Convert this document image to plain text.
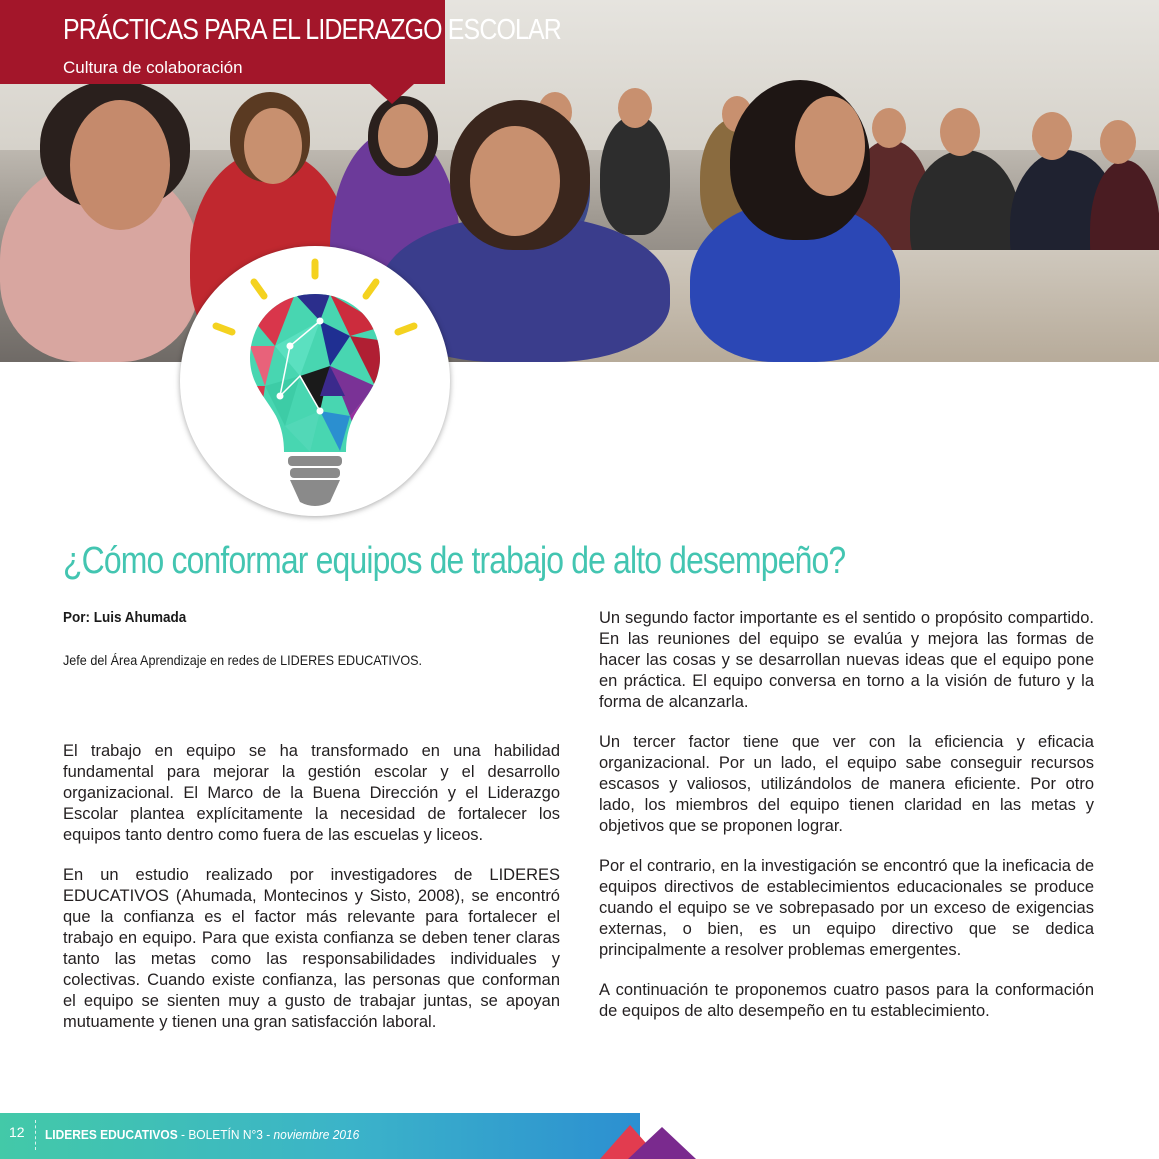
PRÁCTICAS PARA EL LIDERAZGO ESCOLAR
Cultura de colaboración
¿Cómo conformar equipos de trabajo de alto desempeño?
Por: Luis Ahumada
Jefe del Área Aprendizaje en redes de LIDERES EDUCATIVOS.

El trabajo en equipo se ha transformado en una habilidad fundamental para mejorar la gestión escolar y el desarrollo organizacional. El Marco de la Buena Dirección y el Liderazgo Escolar plantea explícitamente la necesidad de fortalecer los equipos tanto dentro como fuera de las escuelas y liceos.

En un estudio realizado por investigadores de LIDERES EDUCATIVOS (Ahumada, Montecinos y Sisto, 2008), se encontró que la confianza es el factor más relevante para fortalecer el trabajo en equipo. Para que exista confianza se deben tener claras tanto las metas como las responsabilidades individuales y colectivas. Cuando existe confianza, las personas que conforman el equipo se sienten muy a gusto de trabajar juntas, se apoyan mutuamente y tienen una gran satisfacción laboral.

Un segundo factor importante es el sentido o propósito compartido. En las reuniones del equipo se evalúa y mejora las formas de hacer las cosas y se desarrollan nuevas ideas que el equipo pone en práctica. El equipo conversa en torno a la visión de futuro y la forma de alcanzarla.

Un tercer factor tiene que ver con la eficiencia y eficacia organizacional. Por un lado, el equipo sabe conseguir recursos escasos y valiosos, utilizándolos de manera eficiente. Por otro lado, los miembros del equipo tienen claridad en las metas y objetivos que se proponen lograr.

Por el contrario, en la investigación se encontró que la ineficacia de equipos directivos de establecimientos educacionales se produce cuando el equipo se ve sobrepasado por un exceso de exigencias externas, o bien, es un equipo directivo que se dedica principalmente a resolver problemas emergentes.

A continuación te proponemos cuatro pasos para la conformación de equipos de alto desempeño en tu establecimiento.

12 LIDERES EDUCATIVOS - BOLETÍN N°3 - noviembre 2016
